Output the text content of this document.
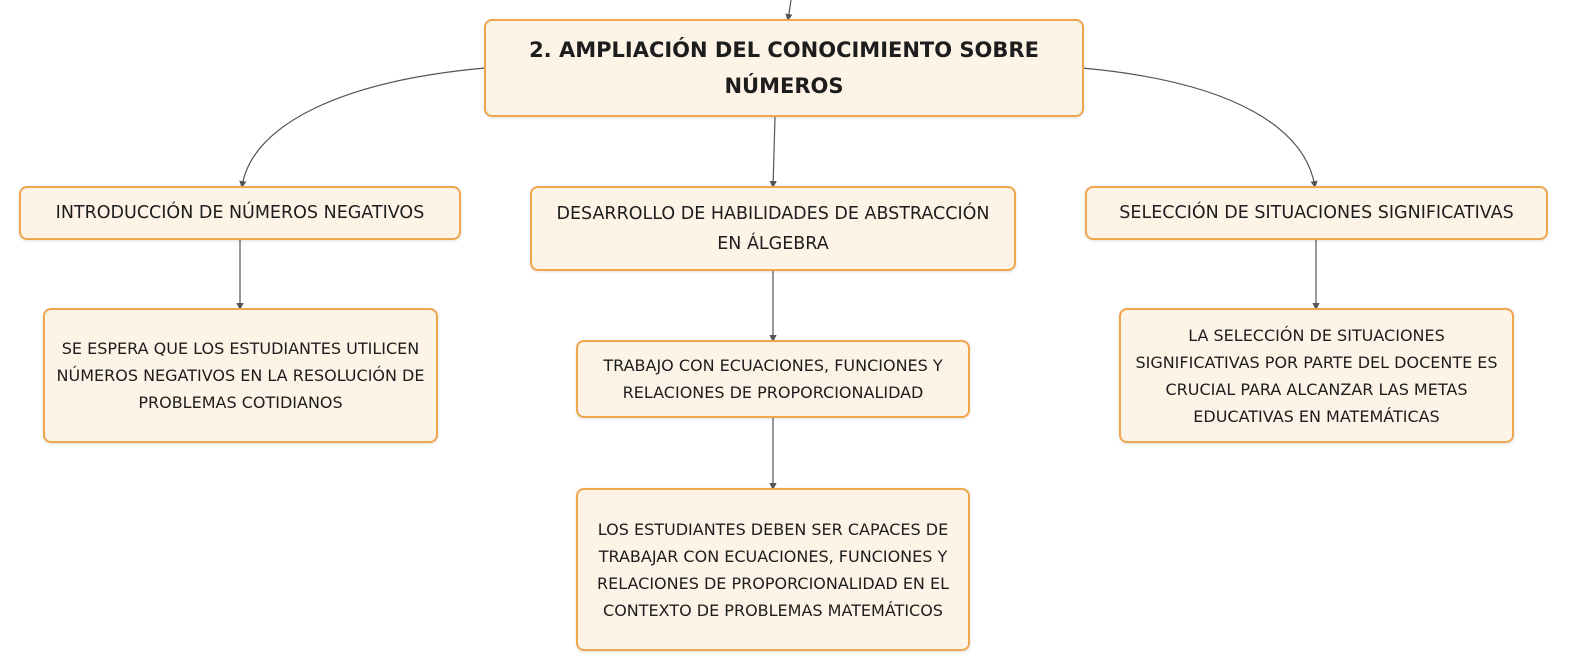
2. AMPLIACIÓN DEL CONOCIMIENTO SOBRE NÚMEROS
INTRODUCCIÓN DE NÚMEROS NEGATIVOS	DESARROLLO DE HABILIDADES DE ABSTRACCIÓN EN ÁLGEBRA
SELECCIÓN DE SITUACIONES SIGNIFICATIVAS
SE ESPERA QUE LOS ESTUDIANTES UTILICEN NÚMEROS NEGATIVOS EN LA RESOLUCIÓN DE PROBLEMAS COTIDIANOS
TRABAJO CON ECUACIONES, FUNCIONES Y RELACIONES DE PROPORCIONALIDAD
LOS ESTUDIANTES DEBEN SER CAPACES DE TRABAJAR CON ECUACIONES, FUNCIONES Y RELACIONES DE PROPORCIONALIDAD EN EL CONTEXTO DE PROBLEMAS MATEMÁTICOS
LA SELECCIÓN DE SITUACIONES SIGNIFICATIVAS POR PARTE DEL DOCENTE ES CRUCIAL PARA ALCANZAR LAS METAS EDUCATIVAS EN MATEMÁTICAS
